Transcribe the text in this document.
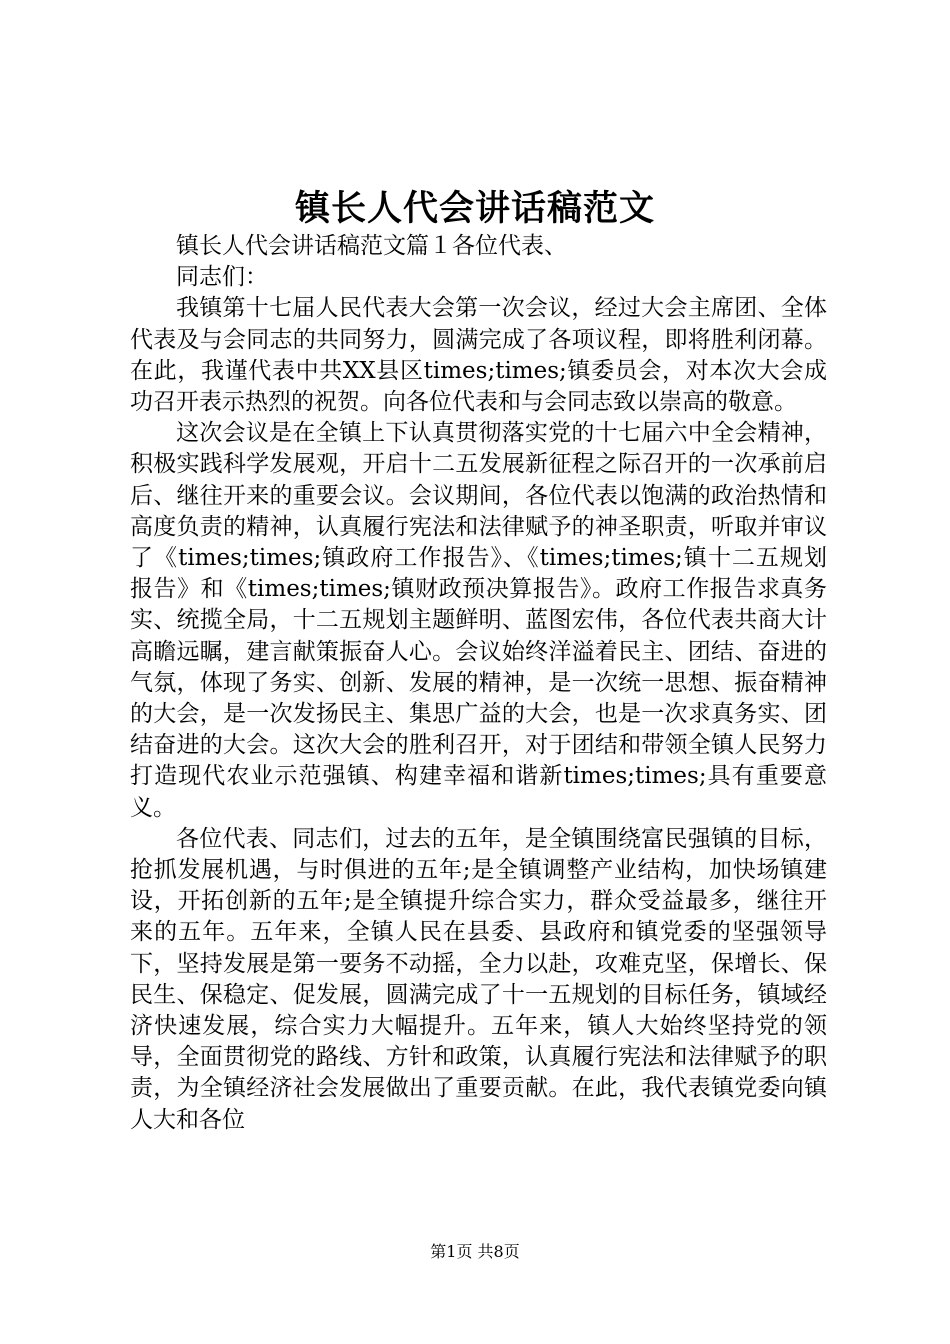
镇长人代会讲话稿范文

镇长人代会讲话稿范文篇１各位代表、

同志们：

我镇第十七届人民代表大会第一次会议，经过大会主席团、全体代表及与会同志的共同努力，圆满完成了各项议程，即将胜利闭幕。在此，我谨代表中共XX县区times;times;镇委员会，对本次大会成功召开表示热烈的祝贺。向各位代表和与会同志致以崇高的敬意。

这次会议是在全镇上下认真贯彻落实党的十七届六中全会精神，积极实践科学发展观，开启十二五发展新征程之际召开的一次承前启后、继往开来的重要会议。会议期间，各位代表以饱满的政治热情和高度负责的精神，认真履行宪法和法律赋予的神圣职责，听取并审议了《times;times;镇政府工作报告》、《times;times;镇十二五规划报告》和《times;times;镇财政预决算报告》。政府工作报告求真务实、统揽全局，十二五规划主题鲜明、蓝图宏伟，各位代表共商大计高瞻远瞩，建言献策振奋人心。会议始终洋溢着民主、团结、奋进的气氛，体现了务实、创新、发展的精神，是一次统一思想、振奋精神的大会，是一次发扬民主、集思广益的大会，也是一次求真务实、团结奋进的大会。这次大会的胜利召开，对于团结和带领全镇人民努力打造现代农业示范强镇、构建幸福和谐新times;times;具有重要意义。

各位代表、同志们，过去的五年，是全镇围绕富民强镇的目标，抢抓发展机遇，与时俱进的五年;是全镇调整产业结构，加快场镇建设，开拓创新的五年;是全镇提升综合实力，群众受益最多，继往开来的五年。五年来，全镇人民在县委、县政府和镇党委的坚强领导下，坚持发展是第一要务不动摇，全力以赴，攻难克坚，保增长、保民生、保稳定、促发展，圆满完成了十一五规划的目标任务，镇域经济快速发展，综合实力大幅提升。五年来，镇人大始终坚持党的领导，全面贯彻党的路线、方针和政策，认真履行宪法和法律赋予的职责，为全镇经济社会发展做出了重要贡献。在此，我代表镇党委向镇人大和各位

第1页 共8页
